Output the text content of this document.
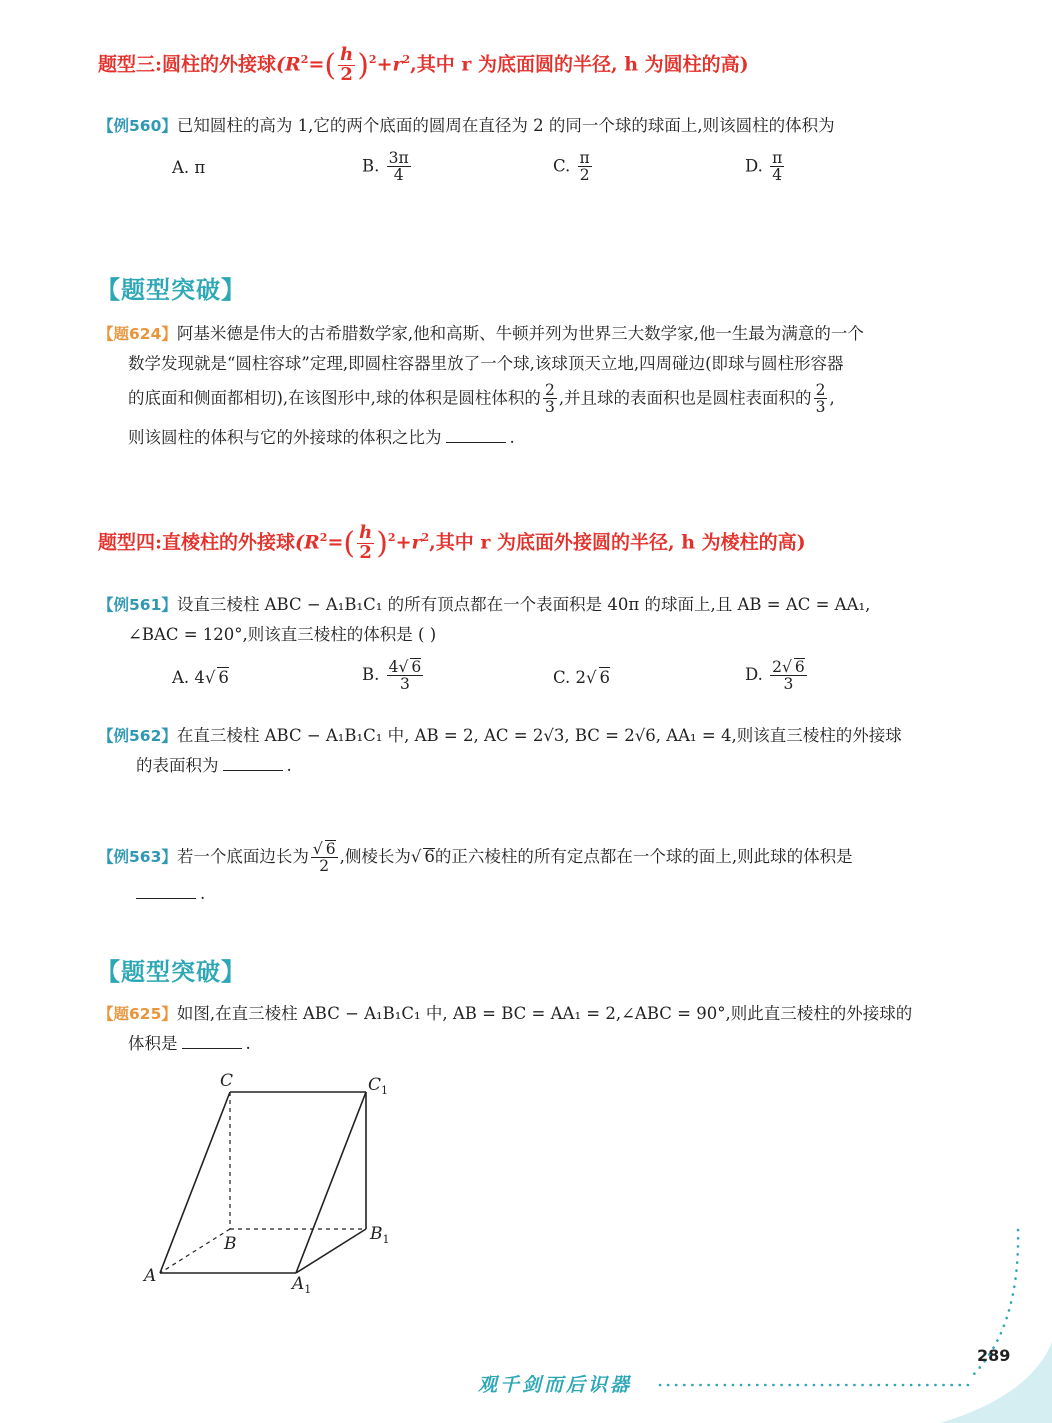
题型三:圆柱的外接球($R^2=( \frac{h}{2} )^2+r^2$,其中 r 为底面圆的半径, h 为圆柱的高)
【例560】已知圆柱的高为 1,它的两个底面的圆周在直径为 2 的同一个球的球面上,则该圆柱的体积为
A. π	B. $\frac{3\pi}{4}$	C. $\frac{\pi}{2}$	D. $\frac{\pi}{4}$
【题型突破】
【题624】阿基米德是伟大的古希腊数学家,他和高斯、牛顿并列为世界三大数学家,他一生最为满意的一个
数学发现就是“圆柱容球”定理,即圆柱容器里放了一个球,该球顶天立地,四周碰边(即球与圆柱形容器
的底面和侧面都相切),在该图形中,球的体积是圆柱体积的 $\frac{2}{3}$ ,并且球的表面积也是圆柱表面积的 $\frac{2}{3}$ ,
则该圆柱的体积与它的外接球的体积之比为	.
题型四:直棱柱的外接球($R^2=( \frac{h}{2} )^2+r^2$,其中 r 为底面外接圆的半径, h 为棱柱的高)
【例561】设直三棱柱 ABC − A₁B₁C₁ 的所有顶点都在一个表面积是 40π 的球面上,且 AB = AC = AA₁,
∠BAC = 120°,则该直三棱柱的体积是 ( )
A. 4√ 6	B. $\frac{4√ 6}{3}$	C. 2√ 6	D. $\frac{2√ 6}{3}$
【例562】在直三棱柱 ABC − A₁B₁C₁ 中, AB = 2, AC = 2√3, BC = 2√6, AA₁ = 4,则该直三棱柱的外接球
的表面积为	.
【例563】若一个底面边长为 $\frac{√ 6}{2}$ ,侧棱长为√ 6的正六棱柱的所有定点都在一个球的面上,则此球的体积是
.
【题型突破】
【题625】如图,在直三棱柱 ABC − A₁B₁C₁ 中, AB = BC = AA₁ = 2,∠ABC = 90°,则此直三棱柱的外接球的
体积是	.
C	$C_1$
B	$B_1$
A	$A_1$
289
观千剑而后识器
